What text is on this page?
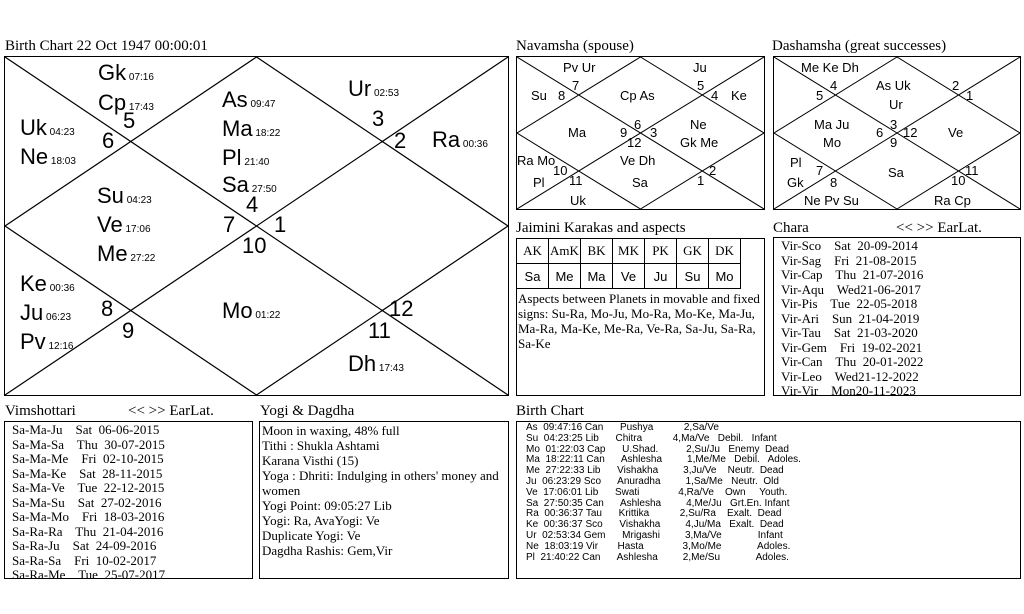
Birth Chart 22 Oct 1947 00:00:01
Gk 07:16
Cp 17:43
5
Uk 04:23
Ne 18:03
6
As 09:47
Ma 18:22
Pl 21:40
Sa 27:50
4
Ur 02:53
3
Ra 00:36
2
Su 04:23
Ve 17:06
Me 27:22
7 1
10
Ke 00:36
Ju 06:23
Pv 12:16
8
9
Mo 01:22	12
Dh 17:43
11
Navamsha (spouse)
Pv Ur	Ju
Su 8
7
Cp As
5
4 Ke
Ma	9
6
3
Ne
12	Gk Me
Ra Mo
10
Ve Dh
Pl 11	Sa
2
1
Uk
Dashamsha (great successes)
Me Ke Dh
5
4	As Uk
Ur
2
1
Ma Ju
Mo
6
3
12
9
Ve
Pl
Gk
7
8
Sa
10
11
Ne Pv Su	Ra Cp
Jaimini Karakas and aspects
AK	AmK	BK	MK	PK	GK	DK
Sa	Me	Ma	Ve	Ju	Su	Mo
Aspects between Planets in movable and fixed signs: Su-Ra, Mo-Ju, Mo-Ra, Mo-Ke, Ma-Ju, Ma-Ra, Ma-Ke, Me-Ra, Ve-Ra, Sa-Ju, Sa-Ra, Sa-Ke
Chara	<< >> EarLat.
Vir-Sco    Sat  20-09-2014
Vir-Sag    Fri  21-08-2015
Vir-Cap    Thu  21-07-2016
Vir-Aqu    Wed21-06-2017
Vir-Pis    Tue  22-05-2018
Vir-Ari    Sun  21-04-2019
Vir-Tau    Sat  21-03-2020
Vir-Gem    Fri  19-02-2021
Vir-Can    Thu  20-01-2022
Vir-Leo    Wed21-12-2022
Vir-Vir    Mon20-11-2023
Vimshottari	<< >> EarLat.
Sa-Ma-Ju    Sat  06-06-2015
Sa-Ma-Sa    Thu  30-07-2015
Sa-Ma-Me    Fri  02-10-2015
Sa-Ma-Ke    Sat  28-11-2015
Sa-Ma-Ve    Tue  22-12-2015
Sa-Ma-Su    Sat  27-02-2016
Sa-Ma-Mo    Fri  18-03-2016
Sa-Ra-Ra    Thu  21-04-2016
Sa-Ra-Ju    Sat  24-09-2016
Sa-Ra-Sa    Fri  10-02-2017
Sa-Ra-Me    Tue  25-07-2017
Yogi & Dagdha
Moon in waxing, 48% full
Tithi : Shukla Ashtami
Karana Visthi (15)
Yoga : Dhriti: Indulging in others' money and women
Yogi Point: 09:05:27 Lib
Yogi: Ra, AvaYogi: Ve
Duplicate Yogi: Ve
Dagdha Rashis: Gem,Vir
Birth Chart
As  09:47:16 Can      Pushya           2,Sa/Ve
Su  04:23:25 Lib      Chitra           4,Ma/Ve   Debil.   Infant
Mo  01:22:03 Cap      U.Shad.          2,Su/Ju   Enemy  Dead
Ma  18:22:11 Can      Ashlesha         1,Me/Me   Debil.   Adoles.
Me  27:22:33 Lib      Vishakha         3,Ju/Ve    Neutr.  Dead
Ju  06:23:29 Sco      Anuradha         1,Sa/Me   Neutr.  Old
Ve  17:06:01 Lib      Swati              4,Ra/Ve    Own     Youth.
Sa  27:50:35 Can      Ashlesha         4,Me/Ju   Grt.En. Infant
Ra  00:36:37 Tau      Krittika           2,Su/Ra    Exalt.  Dead
Ke  00:36:37 Sco      Vishakha         4,Ju/Ma   Exalt.  Dead
Ur  02:53:34 Gem      Mrigashi         3,Ma/Ve             Infant
Ne  18:03:19 Vir       Hasta              3,Mo/Me             Adoles.
Pl  21:40:22 Can      Ashlesha         2,Me/Su             Adoles.
